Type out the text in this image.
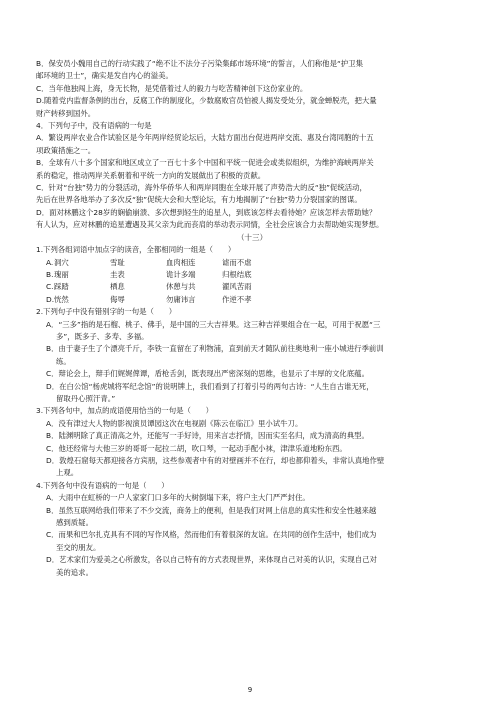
B．保安员小魏用自己的行动实践了“绝不让不法分子污染集邮市场环境”的誓言，人们称他是“护卫集

邮环境的卫士”，确实是发自内心的溢美。

C．当年他独闯上海，身无长物，是凭借着过人的毅力与吃苦精神创下这份家业的。

D.随着党内监督条例的出台，反腐工作的制度化，少数腐败官员怕被人揭发受处分，就金蝉脱壳，把大量

财产转移到国外。

4．下列句子中，没有语病的一句是

A．繁设两岸农业合作试验区是今年两岸经贸论坛后，大陆方面出台促进两岸交流、惠及台湾同胞的十五

项政策措施之一。

B．全球有八十多个国家和地区成立了一百七十多个中国和平统一促进会或类似组织，为维护海峡两岸关

系的稳定，推动两岸关系朝着和平统一方向的发展做出了积极的贡献。

C．针对“台独”势力的分裂活动，海外华侨华人和两岸同胞在全球开展了声势浩大的反“独”促统活动，

先后在世界各地举办了多次反“独”促统大会和大型论坛，有力地揭制了“台独”势力分裂国家的图谋。

D．面对林鹏这个28岁的娴偷崩溃、多次想到轻生的追星人，到底该怎样去看待她？应该怎样去帮助她？

有人认为，应对林鹏的追星遭遇及其父亲为此而丧肩的举动表示同情，全社会应该合力去帮助她实现梦想。

（十三）

1.下列各组词语中加点字的读音，全都相同的一组是（　　）

A. 洞穴	雪耻	血肉相连	谑而不虐
B. 瑰丽	圭表	诡计多端	归根结底
C. 踩踏	栖息	休憩与共	濯风苦雨
D. 恍然	侮辱	勿庸讳言	作逆不孝

2.下列句子中没有错别字的一句是（　　）

A．“三多”指的是石榴、桃子、佛手，是中国的三大吉祥果。这三种吉祥果组合在一起，可用于祝愿“三

多”，既多子、多寿、多福。

B．由于妻子生了个漂亮千斤，李铁一直留在了利物浦，直到前天才随队前往奥地利一座小城进行季前训

练。

C．辩论会上，辩手们娓娓俾谭，盾枪舌剑，既表现出严密深刻的思维，也显示了丰厚的文化底蕴。

D．在白公馆“杨虎城将军纪念馆”的说明牌上，我们看到了打着引号的两句古诗：“人生自古谁无死，

留取丹心照汗青。”

3.下列各句中，加点的成语使用恰当的一句是（　　）

A．没有津过大人物的影视演员谭园这次在电视剧《陈云在临江》里小试牛刀。

B．陆渊明除了真正清高之外，还能写一手好诗，用来言志抒情，因而实至名归，成为清高的典型。

C．他还经常与大他三岁的哥哥一起拉二胡，吹口琴，一起动手配小袜，津津乐道地粉东西。

D．敦煌石窟每天都迎接各方宾朋，这些参观者中有的对壁画并不在行，却也都仰着头，非常认真地作壁

上观。

4.下列各句中没有语病的一句是（　　）

A．大雨中在虹桥的一户人家家门口多年的大树倒塌下来，将户主大门严严封住。

B．虽然互联网给我们带来了不少交流，商务上的便利，但是我们对网上信息的真实性和安全性越来越

感到质疑。

C．而果和巴尔扎克具有不同的写作风格，然而他们有着很深的友谊。在共同的创作生活中，他们成为

至交的朋友。

D．艺术家们为爱美之心所激发，各以自己特有的方式表现世界，来体现自己对美的认识，实现自己对

美的追求。

9
